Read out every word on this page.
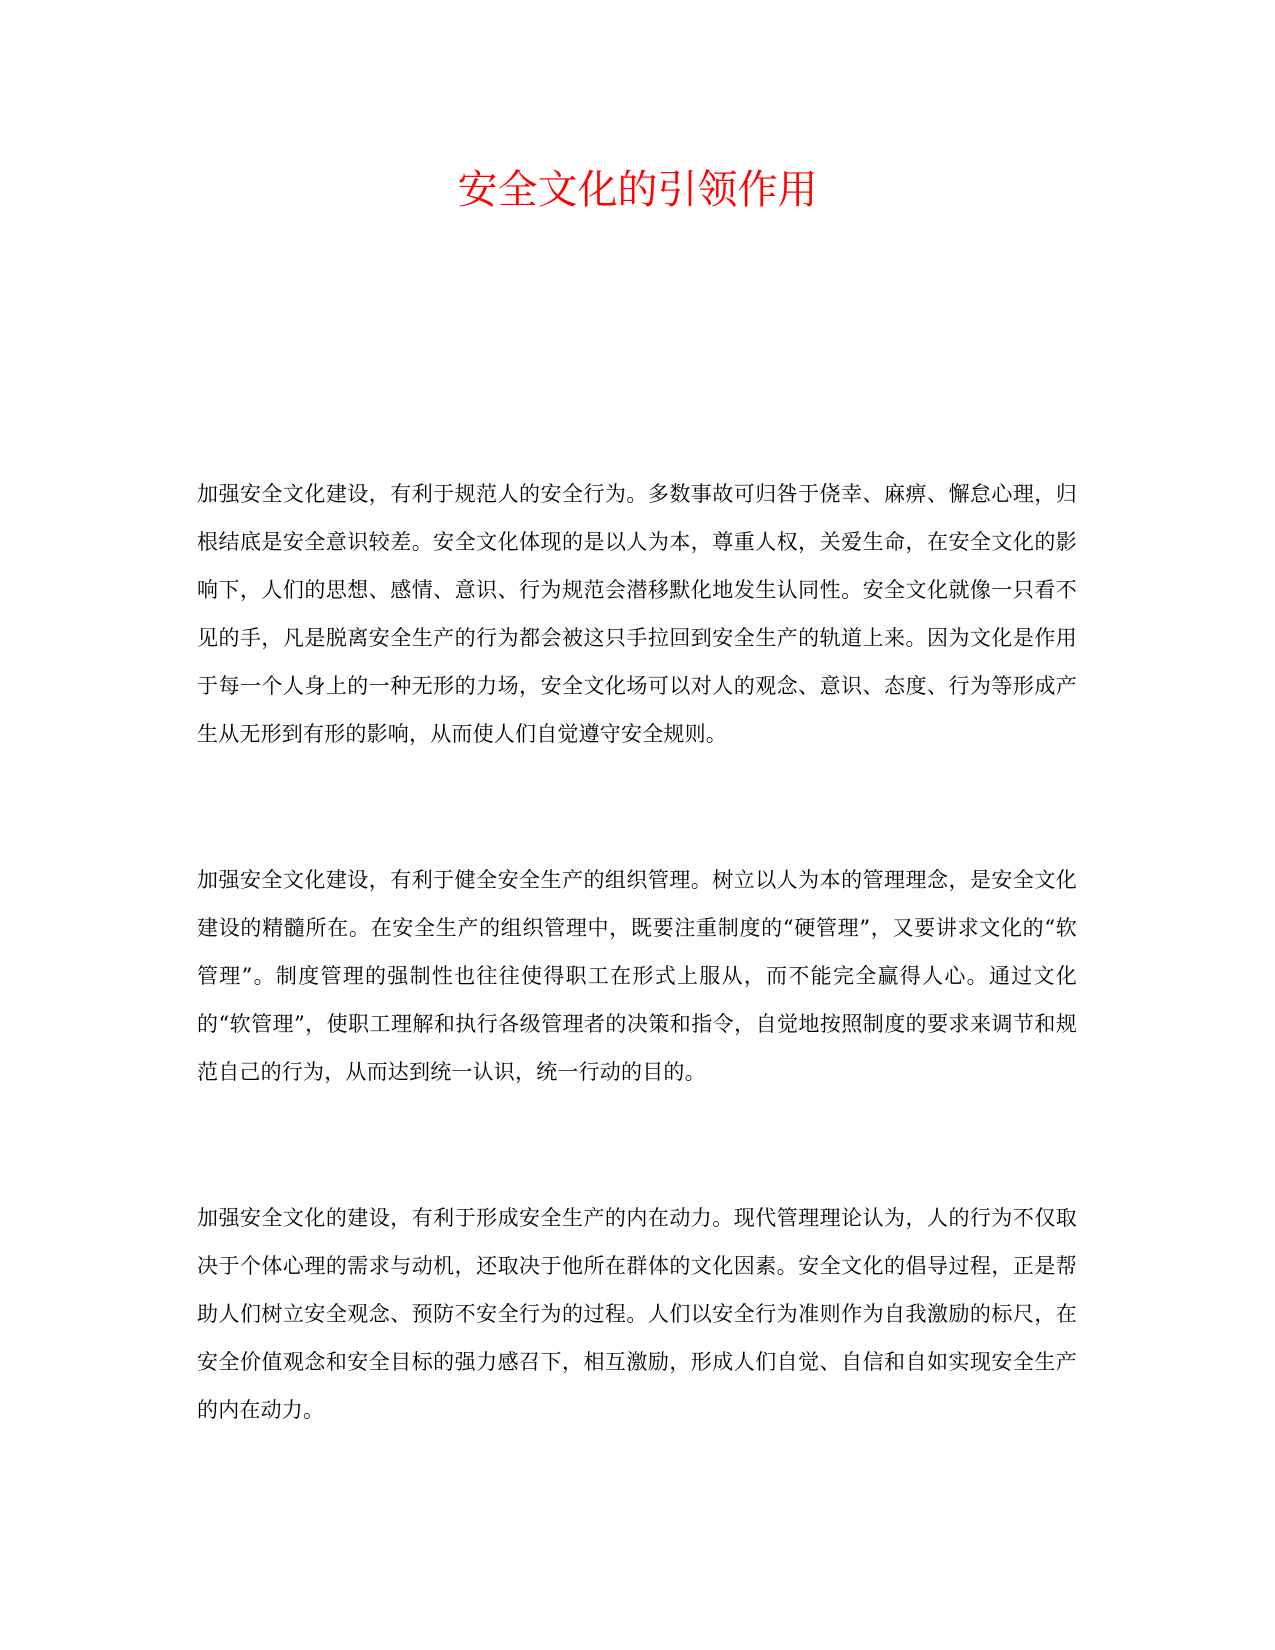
安全文化的引领作用

加强安全文化建设，有利于规范人的安全行为。多数事故可归咎于侥幸、麻痹、懈怠心理，归根结底是安全意识较差。安全文化体现的是以人为本，尊重人权，关爱生命，在安全文化的影响下，人们的思想、感情、意识、行为规范会潜移默化地发生认同性。安全文化就像一只看不见的手，凡是脱离安全生产的行为都会被这只手拉回到安全生产的轨道上来。因为文化是作用于每一个人身上的一种无形的力场，安全文化场可以对人的观念、意识、态度、行为等形成产生从无形到有形的影响，从而使人们自觉遵守安全规则。

加强安全文化建设，有利于健全安全生产的组织管理。树立以人为本的管理理念，是安全文化建设的精髓所在。在安全生产的组织管理中，既要注重制度的“硬管理”，又要讲求文化的“软管理”。制度管理的强制性也往往使得职工在形式上服从，而不能完全赢得人心。通过文化的“软管理”，使职工理解和执行各级管理者的决策和指令，自觉地按照制度的要求来调节和规范自己的行为，从而达到统一认识，统一行动的目的。

加强安全文化的建设，有利于形成安全生产的内在动力。现代管理理论认为，人的行为不仅取决于个体心理的需求与动机，还取决于他所在群体的文化因素。安全文化的倡导过程，正是帮助人们树立安全观念、预防不安全行为的过程。人们以安全行为准则作为自我激励的标尺，在安全价值观念和安全目标的强力感召下，相互激励，形成人们自觉、自信和自如实现安全生产的内在动力。
